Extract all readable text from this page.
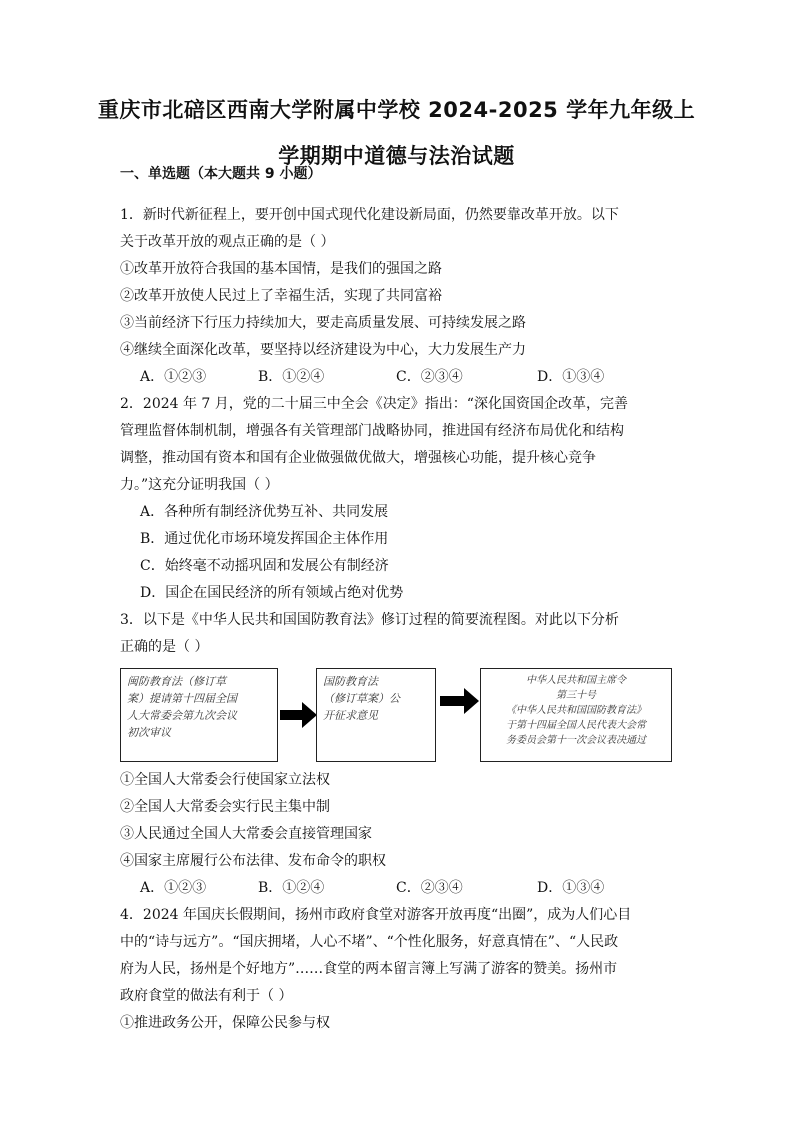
重庆市北碚区西南大学附属中学校 2024-2025 学年九年级上
学期期中道德与法治试题
一、单选题（本大题共 9 小题）
1．新时代新征程上，要开创中国式现代化建设新局面，仍然要靠改革开放。以下
关于改革开放的观点正确的是（ ）
①改革开放符合我国的基本国情，是我们的强国之路
②改革开放使人民过上了幸福生活，实现了共同富裕
③当前经济下行压力持续加大，要走高质量发展、可持续发展之路
④继续全面深化改革，要坚持以经济建设为中心，大力发展生产力
A．①②③	B．①②④	C．②③④	D．①③④
2．2024 年 7 月，党的二十届三中全会《决定》指出：“深化国资国企改革，完善
管理监督体制机制，增强各有关管理部门战略协同，推进国有经济布局优化和结构
调整，推动国有资本和国有企业做强做优做大，增强核心功能，提升核心竞争
力。”这充分证明我国（ ）
A．各种所有制经济优势互补、共同发展
B．通过优化市场环境发挥国企主体作用
C．始终毫不动摇巩固和发展公有制经济
D．国企在国民经济的所有领域占绝对优势
3．以下是《中华人民共和国国防教育法》修订过程的简要流程图。对此以下分析
正确的是（ ）
闽防教育法（修订草
案）提请第十四届全国
人大常委会第九次会议
初次审议
国防教育法
（修订草案）公
开征求意见
中华人民共和国主席令
第三十号
《中华人民共和国国防教育法》
于第十四届全国人民代表大会常
务委员会第十一次会议表决通过
①全国人大常委会行使国家立法权
②全国人大常委会实行民主集中制
③人民通过全国人大常委会直接管理国家
④国家主席履行公布法律、发布命令的职权
A．①②③	B．①②④	C．②③④	D．①③④
4．2024 年国庆长假期间，扬州市政府食堂对游客开放再度“出圈”，成为人们心目
中的“诗与远方”。“国庆拥堵，人心不堵”、“个性化服务，好意真情在”、“人民政
府为人民，扬州是个好地方”……食堂的两本留言簿上写满了游客的赞美。扬州市
政府食堂的做法有利于（ ）
①推进政务公开，保障公民参与权
